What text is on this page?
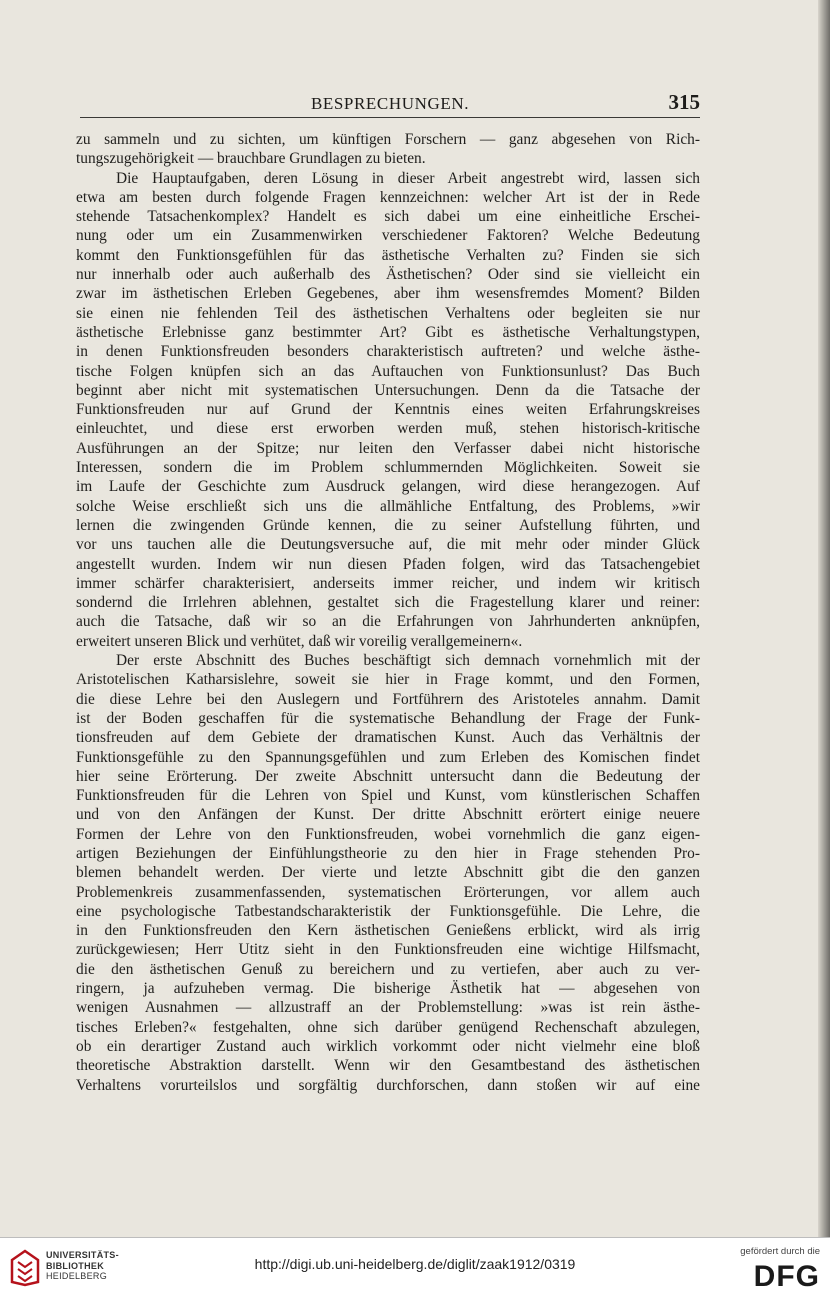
BESPRECHUNGEN.	315
zu sammeln und zu sichten, um künftigen Forschern — ganz abgesehen von Rich-
tungszugehörigkeit — brauchbare Grundlagen zu bieten.
Die Hauptaufgaben, deren Lösung in dieser Arbeit angestrebt wird, lassen sich
etwa am besten durch folgende Fragen kennzeichnen: welcher Art ist der in Rede
stehende Tatsachenkomplex? Handelt es sich dabei um eine einheitliche Erschei-
nung oder um ein Zusammenwirken verschiedener Faktoren? Welche Bedeutung
kommt den Funktionsgefühlen für das ästhetische Verhalten zu? Finden sie sich
nur innerhalb oder auch außerhalb des Ästhetischen? Oder sind sie vielleicht ein
zwar im ästhetischen Erleben Gegebenes, aber ihm wesensfremdes Moment? Bilden
sie einen nie fehlenden Teil des ästhetischen Verhaltens oder begleiten sie nur
ästhetische Erlebnisse ganz bestimmter Art? Gibt es ästhetische Verhaltungstypen,
in denen Funktionsfreuden besonders charakteristisch auftreten? und welche ästhe-
tische Folgen knüpfen sich an das Auftauchen von Funktionsunlust? Das Buch
beginnt aber nicht mit systematischen Untersuchungen. Denn da die Tatsache der
Funktionsfreuden nur auf Grund der Kenntnis eines weiten Erfahrungskreises
einleuchtet, und diese erst erworben werden muß, stehen historisch-kritische
Ausführungen an der Spitze; nur leiten den Verfasser dabei nicht historische
Interessen, sondern die im Problem schlummernden Möglichkeiten. Soweit sie
im Laufe der Geschichte zum Ausdruck gelangen, wird diese herangezogen. Auf
solche Weise erschließt sich uns die allmähliche Entfaltung, des Problems, »wir
lernen die zwingenden Gründe kennen, die zu seiner Aufstellung führten, und
vor uns tauchen alle die Deutungsversuche auf, die mit mehr oder minder Glück
angestellt wurden. Indem wir nun diesen Pfaden folgen, wird das Tatsachengebiet
immer schärfer charakterisiert, anderseits immer reicher, und indem wir kritisch
sondernd die Irrlehren ablehnen, gestaltet sich die Fragestellung klarer und reiner:
auch die Tatsache, daß wir so an die Erfahrungen von Jahrhunderten anknüpfen,
erweitert unseren Blick und verhütet, daß wir voreilig verallgemeinern«.
Der erste Abschnitt des Buches beschäftigt sich demnach vornehmlich mit der
Aristotelischen Katharsislehre, soweit sie hier in Frage kommt, und den Formen,
die diese Lehre bei den Auslegern und Fortführern des Aristoteles annahm. Damit
ist der Boden geschaffen für die systematische Behandlung der Frage der Funk-
tionsfreuden auf dem Gebiete der dramatischen Kunst. Auch das Verhältnis der
Funktionsgefühle zu den Spannungsgefühlen und zum Erleben des Komischen findet
hier seine Erörterung. Der zweite Abschnitt untersucht dann die Bedeutung der
Funktionsfreuden für die Lehren von Spiel und Kunst, vom künstlerischen Schaffen
und von den Anfängen der Kunst. Der dritte Abschnitt erörtert einige neuere
Formen der Lehre von den Funktionsfreuden, wobei vornehmlich die ganz eigen-
artigen Beziehungen der Einfühlungstheorie zu den hier in Frage stehenden Pro-
blemen behandelt werden. Der vierte und letzte Abschnitt gibt die den ganzen
Problemenkreis zusammenfassenden, systematischen Erörterungen, vor allem auch
eine psychologische Tatbestandscharakteristik der Funktionsgefühle. Die Lehre, die
in den Funktionsfreuden den Kern ästhetischen Genießens erblickt, wird als irrig
zurückgewiesen; Herr Utitz sieht in den Funktionsfreuden eine wichtige Hilfsmacht,
die den ästhetischen Genuß zu bereichern und zu vertiefen, aber auch zu ver-
ringern, ja aufzuheben vermag. Die bisherige Ästhetik hat — abgesehen von
wenigen Ausnahmen — allzustraff an der Problemstellung: »was ist rein ästhe-
tisches Erleben?« festgehalten, ohne sich darüber genügend Rechenschaft abzulegen,
ob ein derartiger Zustand auch wirklich vorkommt oder nicht vielmehr eine bloß
theoretische Abstraktion darstellt. Wenn wir den Gesamtbestand des ästhetischen
Verhaltens vorurteilslos und sorgfältig durchforschen, dann stoßen wir auf eine
UNIVERSITÄTS-
BIBLIOTHEK
HEIDELBERG
http://digi.ub.uni-heidelberg.de/diglit/zaak1912/0319
gefördert durch die
DFG
